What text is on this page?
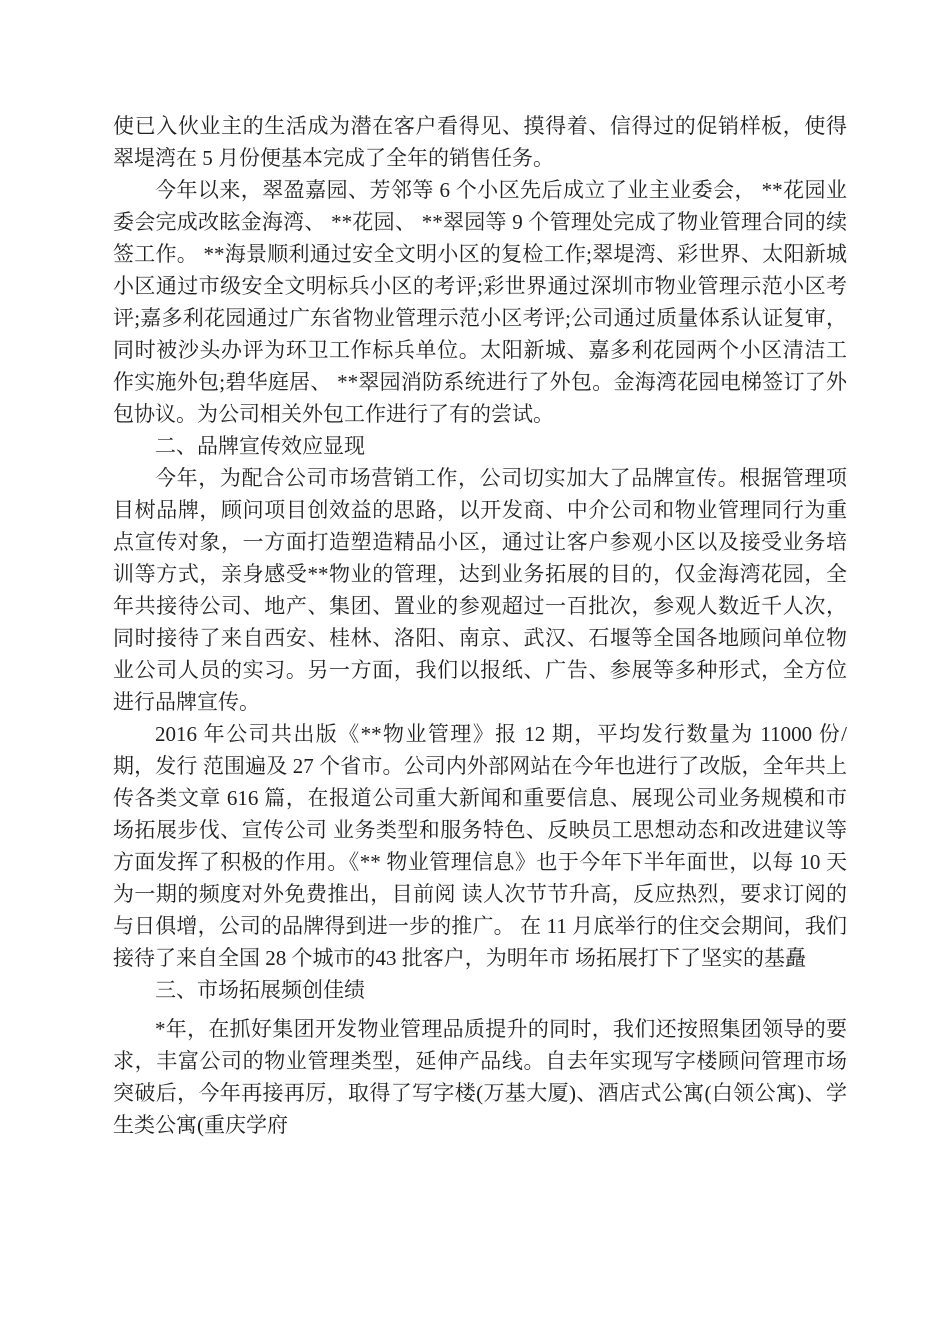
使已入伙业主的生活成为潜在客户看得见、摸得着、信得过的促销样板，使得翠堤湾在 5 月份便基本完成了全年的销售任务。

今年以来，翠盈嘉园、芳邻等 6 个小区先后成立了业主业委会， **花园业委会完成改眩金海湾、 **花园、 **翠园等 9 个管理处完成了物业管理合同的续签工作。 **海景顺利通过安全文明小区的复检工作;翠堤湾、彩世界、太阳新城小区通过市级安全文明标兵小区的考评;彩世界通过深圳市物业管理示范小区考评;嘉多利花园通过广东省物业管理示范小区考评;公司通过质量体系认证复审，同时被沙头办评为环卫工作标兵单位。太阳新城、嘉多利花园两个小区清洁工作实施外包;碧华庭居、 **翠园消防系统进行了外包。金海湾花园电梯签订了外包协议。为公司相关外包工作进行了有的尝试。

二、品牌宣传效应显现

今年，为配合公司市场营销工作，公司切实加大了品牌宣传。根据管理项目树品牌，顾问项目创效益的思路，以开发商、中介公司和物业管理同行为重点宣传对象，一方面打造塑造精品小区，通过让客户参观小区以及接受业务培训等方式，亲身感受**物业的管理，达到业务拓展的目的，仅金海湾花园，全年共接待公司、地产、集团、置业的参观超过一百批次，参观人数近千人次，同时接待了来自西安、桂林、洛阳、南京、武汉、石堰等全国各地顾问单位物业公司人员的实习。另一方面，我们以报纸、广告、参展等多种形式，全方位进行品牌宣传。

2016 年公司共出版《**物业管理》报 12 期，平均发行数量为 11000 份/期，发行 范围遍及 27 个省市。公司内外部网站在今年也进行了改版，全年共上传各类文章 616 篇，在报道公司重大新闻和重要信息、展现公司业务规模和市场拓展步伐、宣传公司 业务类型和服务特色、反映员工思想动态和改进建议等方面发挥了积极的作用。《** 物业管理信息》也于今年下半年面世，以每 10 天为一期的频度对外免费推出，目前阅 读人次节节升高，反应热烈，要求订阅的与日俱增，公司的品牌得到进一步的推广。 在 11 月底举行的住交会期间，我们接待了来自全国 28 个城市的43 批客户，为明年市 场拓展打下了坚实的基矗

三、市场拓展频创佳绩

*年，在抓好集团开发物业管理品质提升的同时，我们还按照集团领导的要求，丰富公司的物业管理类型，延伸产品线。自去年实现写字楼顾问管理市场突破后，今年再接再厉，取得了写字楼(万基大厦)、酒店式公寓(白领公寓)、学生类公寓(重庆学府
